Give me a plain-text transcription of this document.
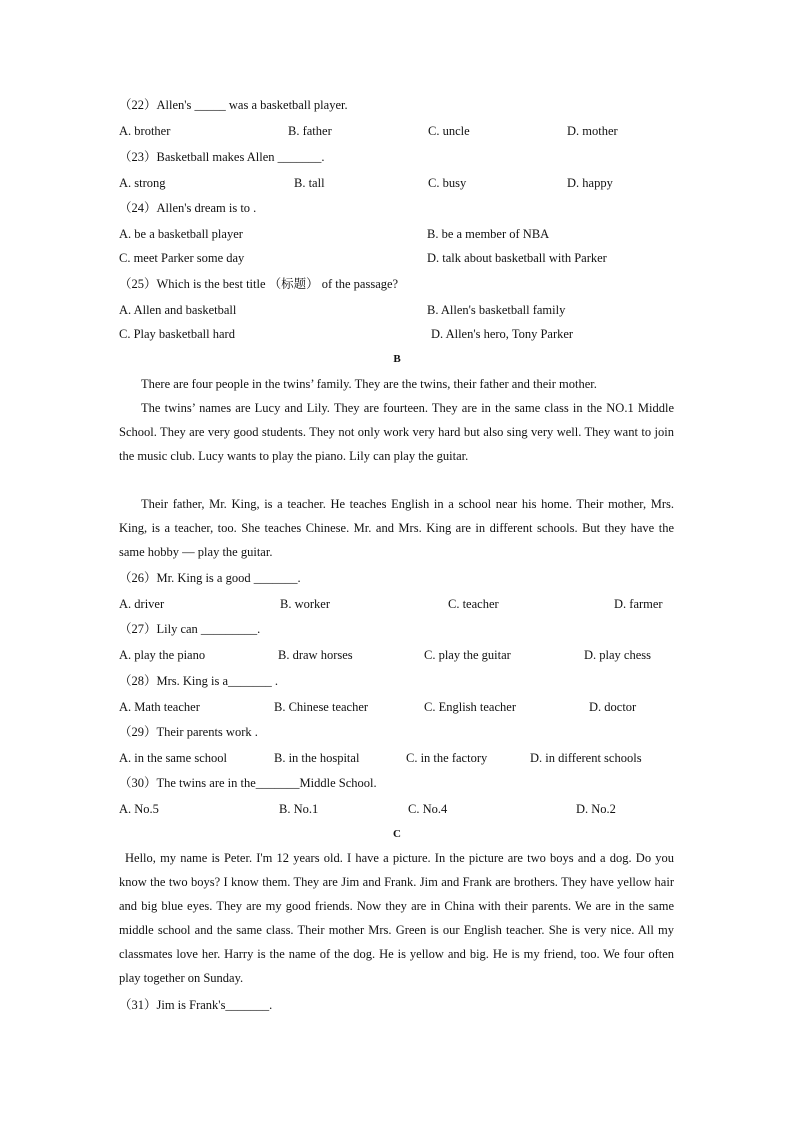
（22）Allen's _____ was a basketball player.
A. brother	B. father	C. uncle	D. mother
（23）Basketball makes Allen _______.
A. strong	B. tall	C. busy	D. happy
（24）Allen's dream is to .
A. be a basketball player	B. be a member of NBA
C. meet Parker some day	D. talk about basketball with Parker
（25）Which is the best title （标题） of the passage?
A. Allen and basketball	B. Allen's basketball family
C. Play basketball hard	D. Allen's hero, Tony Parker
B
There are four people in the twins’ family. They are the twins, their father and their mother.
The twins’ names are Lucy and Lily. They are fourteen. They are in the same class in the NO.1 Middle School. They are very good students. They not only work very hard but also sing very well. They want to join the music club. Lucy wants to play the piano. Lily can play the guitar.
Their father, Mr. King, is a teacher. He teaches English in a school near his home. Their mother, Mrs. King, is a teacher, too. She teaches Chinese. Mr. and Mrs. King are in different schools. But they have the same hobby — play the guitar.
（26）Mr. King is a good _______.
A. driver	B. worker	C. teacher	D. farmer
（27）Lily can _________.
A. play the piano	B. draw horses	C. play the guitar	D. play chess
（28）Mrs. King is a_______ .
A. Math teacher	B. Chinese teacher	C. English teacher	D. doctor
（29）Their parents work .
A. in the same school	B. in the hospital	C. in the factory	D. in different schools
（30）The twins are in the_______Middle School.
A. No.5	B. No.1	C. No.4	D. No.2
C
Hello, my name is Peter. I'm 12 years old. I have a picture. In the picture are two boys and a dog. Do you know the two boys? I know them. They are Jim and Frank. Jim and Frank are brothers. They have yellow hair and big blue eyes. They are my good friends. Now they are in China with their parents. We are in the same middle school and the same class. Their mother Mrs. Green is our English teacher. She is very nice. All my classmates love her. Harry is the name of the dog. He is yellow and big. He is my friend, too. We four often play together on Sunday.
（31）Jim is Frank's_______.
